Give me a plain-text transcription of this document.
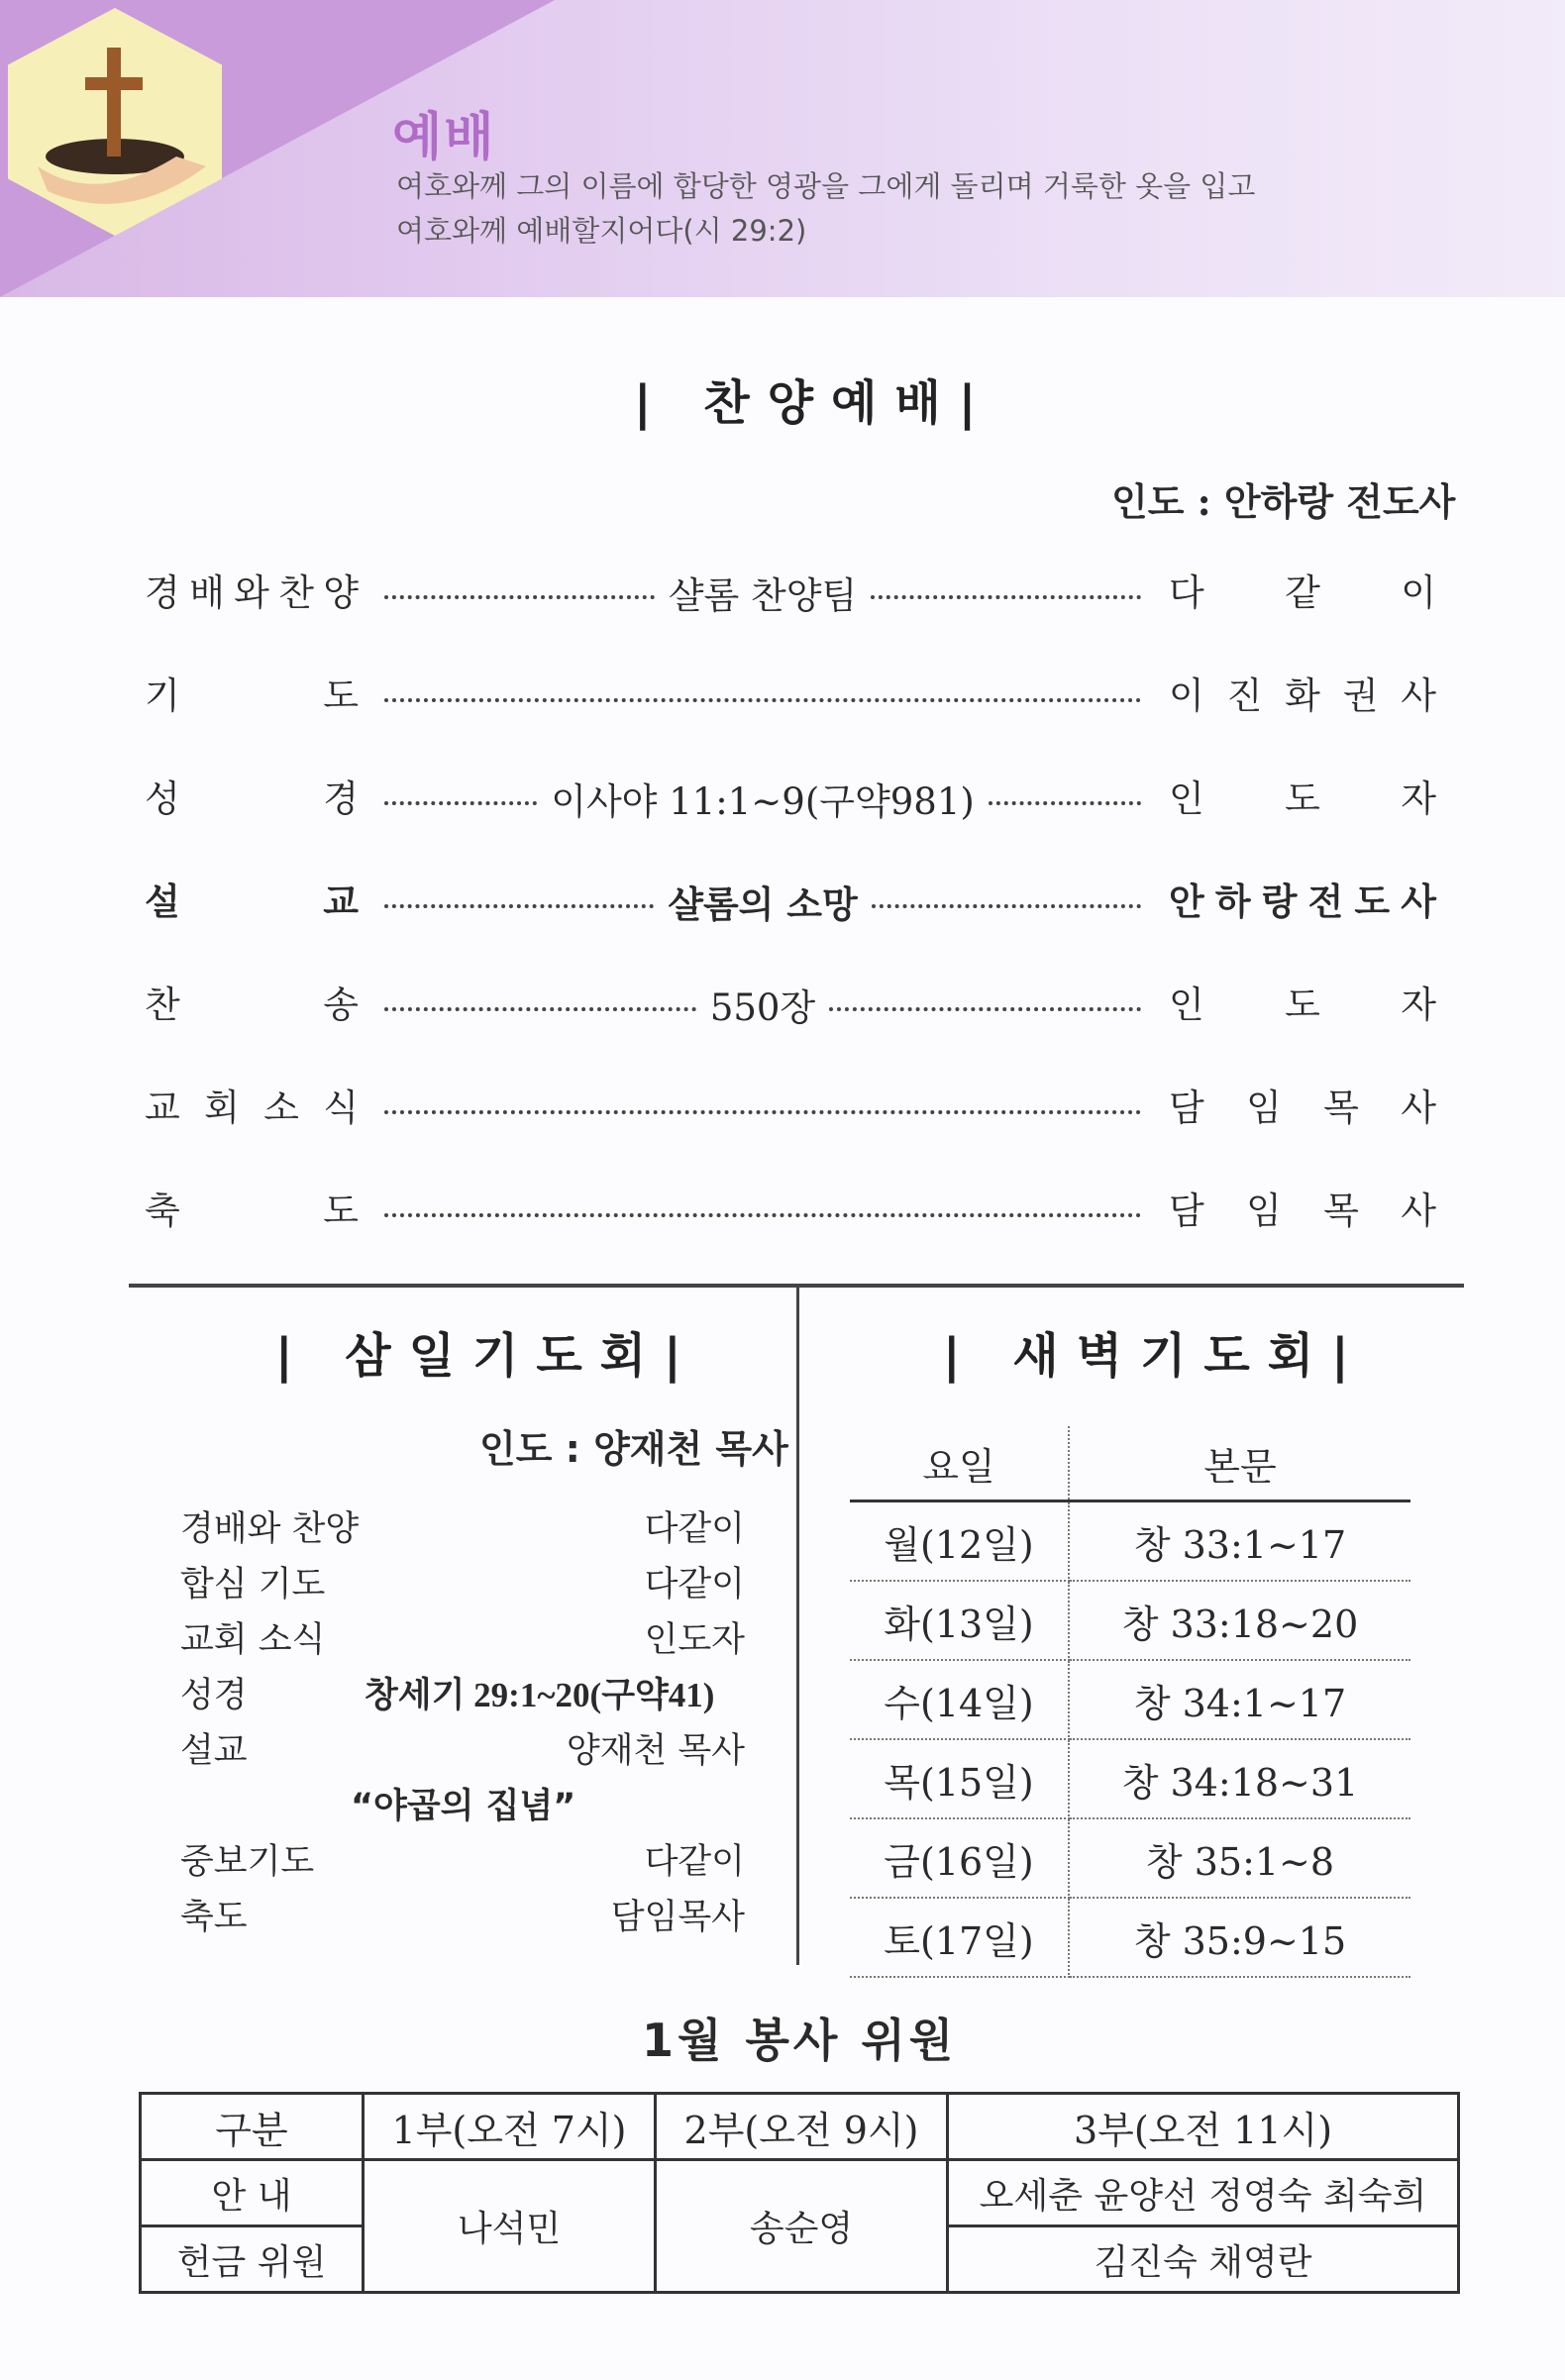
예배
여호와께 그의 이름에 합당한 영광을 그에게 돌리며 거룩한 옷을 입고
여호와께 예배할지어다(시 29:2)
| 찬양예배|
인도 : 안하랑 전도사
경 배 와 찬 양	샬롬 찬양팀	다 같 이
기	도	이 진 화 권 사
성	경	이사야 11:1~9(구약981)	인 도 자
설	교	샬롬의 소망	안 하 랑 전 도 사
찬	송	550장	인 도 자
교 회 소 식	담 임 목 사
축	도	담 임 목 사
| 삼일기도회|
인도 : 양재천 목사
경배와 찬양	다같이
합심 기도	다같이
교회 소식	인도자
성경	창세기 29:1~20(구약41)
설교	양재천 목사
“야곱의 집념”
중보기도	다같이
축도	담임목사
| 새벽기도회|
요일	본문
월(12일)	창 33:1~17
화(13일)	창 33:18~20
수(14일)	창 34:1~17
목(15일)	창 34:18~31
금(16일)	창 35:1~8
토(17일)	창 35:9~15
1월 봉사 위원
구분	1부(오전 7시)	2부(오전 9시)	3부(오전 11시)
안 내	나석민	송순영	오세춘 윤양선 정영숙 최숙희
헌금 위원			김진숙 채영란
